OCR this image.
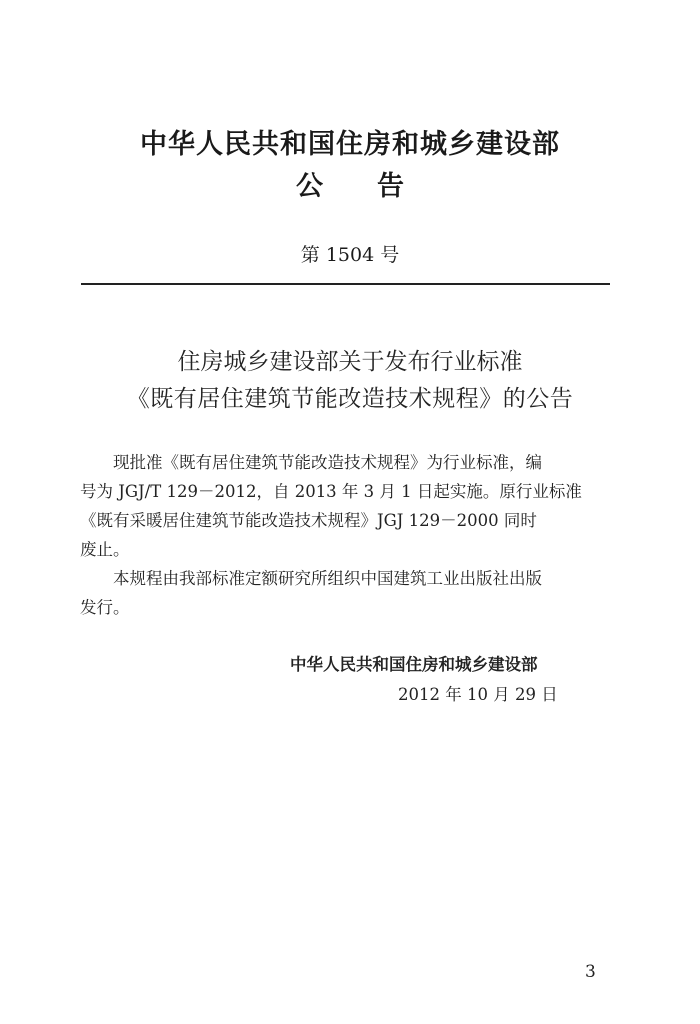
中华人民共和国住房和城乡建设部
公　　告
第 1504 号
住房城乡建设部关于发布行业标准
《既有居住建筑节能改造技术规程》的公告
现批准《既有居住建筑节能改造技术规程》为行业标准，编
号为 JGJ/T 129－2012，自 2013 年 3 月 1 日起实施。原行业标准
《既有采暖居住建筑节能改造技术规程》JGJ 129－2000 同时
废止。
本规程由我部标准定额研究所组织中国建筑工业出版社出版
发行。
中华人民共和国住房和城乡建设部
2012 年 10 月 29 日
3
